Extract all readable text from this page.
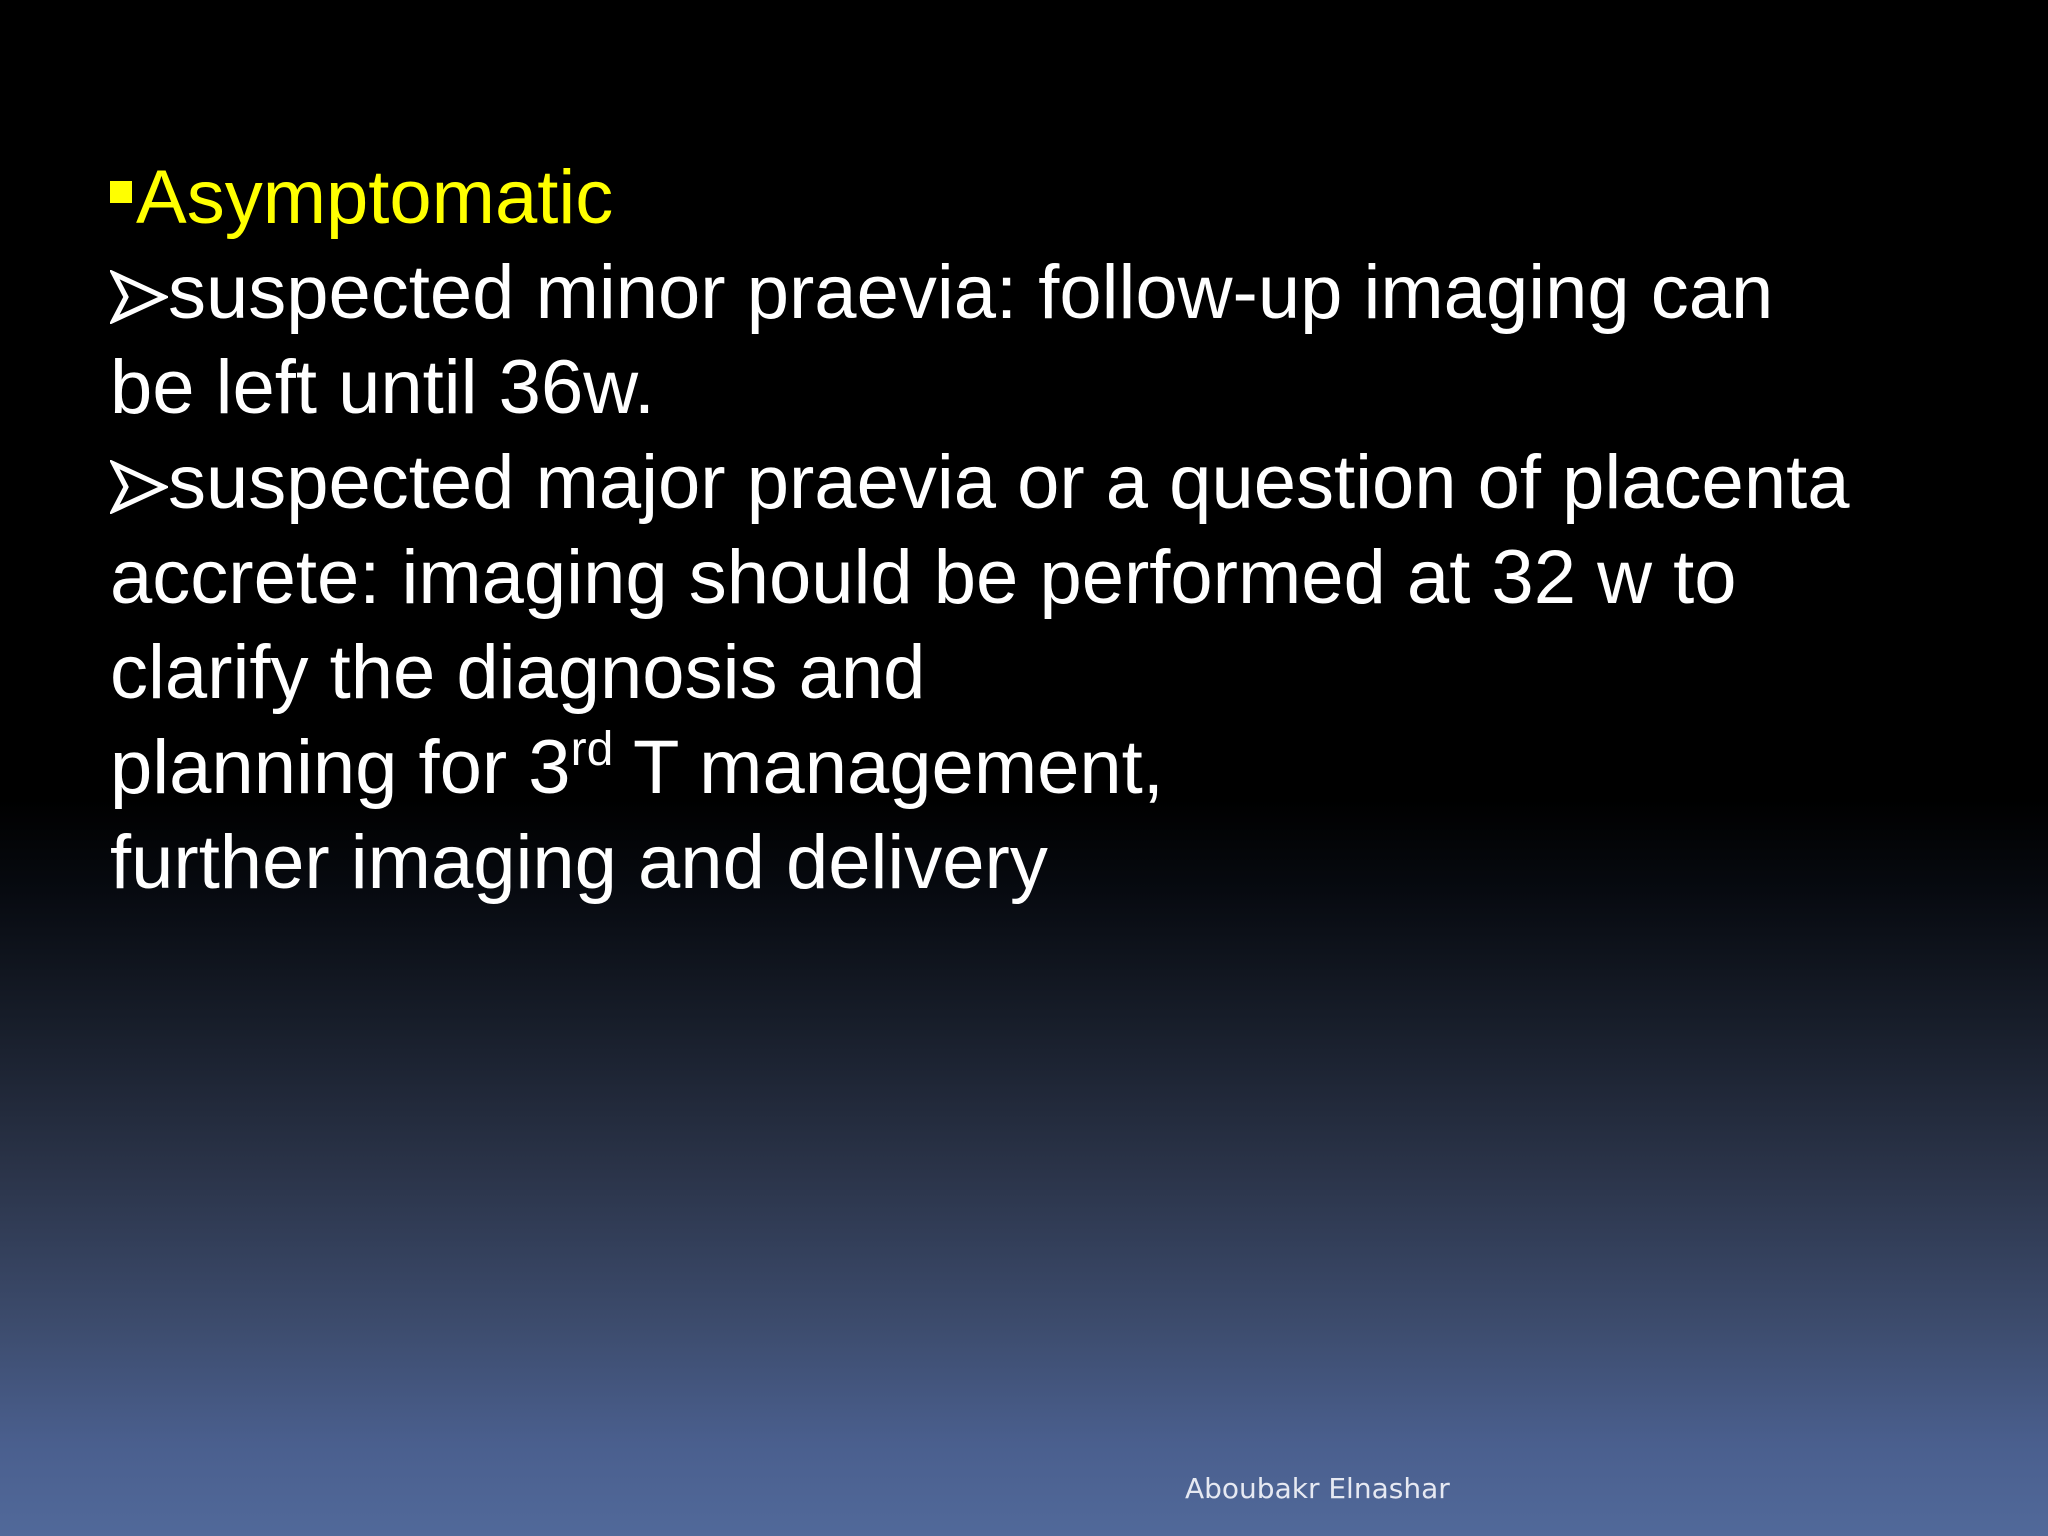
Asymptomatic
suspected minor praevia: follow-up imaging can
be left until 36w.
suspected major praevia or a question of placenta
accrete: imaging should be performed at 32 w to
clarify the diagnosis and
planning for 3rd T management,
further imaging and delivery
Aboubakr Elnashar
